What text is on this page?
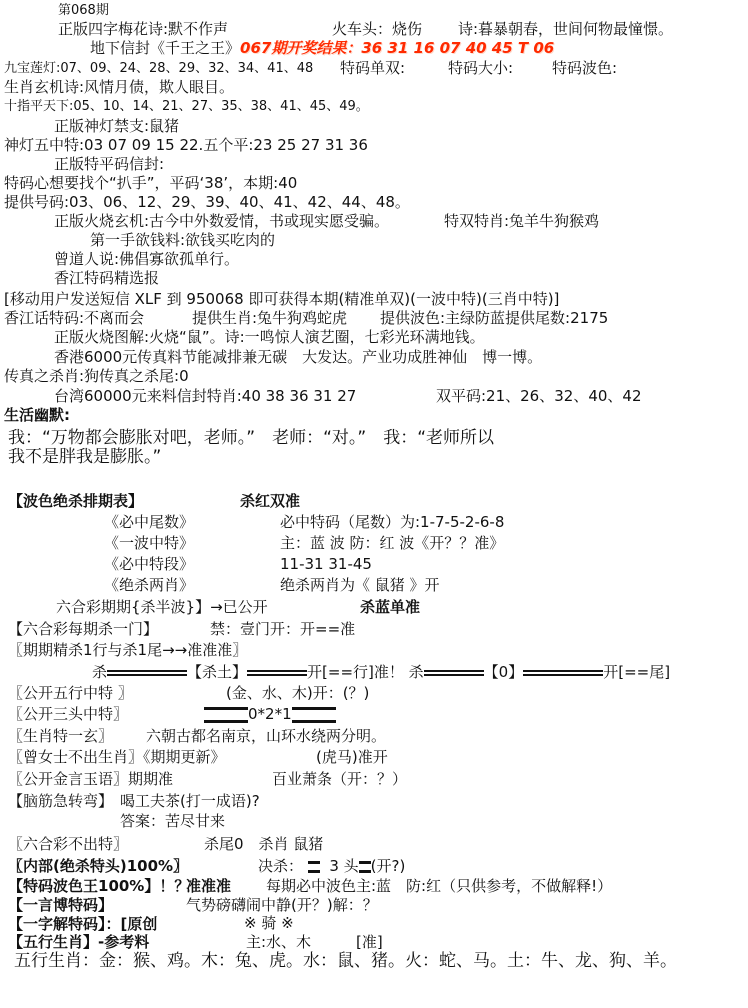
第068期
正版四字梅花诗:默不作声	火车头：烧伤 诗:暮暴朝春，世间何物最憧憬。
地下信封《千王之王》067期开奖结果：36 31 16 07 40 45 T 06
九宝莲灯:07、09、24、28、29、32、34、41、48 特码单双:	特码大小:	特码波色:
生肖玄机诗:风情月债，欺人眼目。
十指平天下:05、10、14、21、27、35、38、41、45、49。
正版神灯禁支:鼠猪
神灯五中特:03 07 09 15 22.五个平:23 25 27 31 36
正版特平码信封:
特码心想要找个“扒手”，平码‘38’，本期:40
提供号码:03、06、12、29、39、40、41、42、44、48。
正版火烧玄机:古今中外数爱情，书或现实愿受骗。	特双特肖:兔羊牛狗猴鸡
第一手欲钱料:欲钱买吃肉的
曾道人说:佛倡寡欲孤单行。
香江特码精选报
[移动用户发送短信 XLF 到 950068 即可获得本期(精准单双)(一波中特)(三肖中特)]
香江话特码:不离而会	提供生肖:兔牛狗鸡蛇虎 提供波色:主绿防蓝提供尾数:2175
正版火烧图解:火烧“鼠”。诗:一鸣惊人演艺圈，七彩光环满地钱。
香港6000元传真料节能减排兼无碳　大发达。产业功成胜神仙　博一博。
传真之杀肖:狗传真之杀尾:0
台湾60000元来料信封特肖:40 38 36 31 27	双平码:21、26、32、40、42
生活幽默:
我：“万物都会膨胀对吧，老师。”　老师：“对。”　我：“老师所以
我不是胖我是膨胀。”
【波色绝杀排期表】	杀红双准
《必中尾数》	必中特码（尾数）为:1-7-5-2-6-8
《一波中特》	主：蓝 波 防：红 波《开？？准》
《必中特段》	11-31 31-45
《绝杀两肖》	绝杀两肖为《 鼠猪 》开
六合彩期期{杀半波}】→已公开	杀蓝单准
【六合彩每期杀一门】	禁：壹门开：开==准
〖期期精杀1行与杀1尾→→准准准〗
杀	【杀土】	开[==行]准！ 杀	【0】	开[==尾]
〖公开五行中特 〗	(金、水、木)开：(？)
〖公开三头中特〗	0*2*1
〖生肖特一玄〗 六朝古都名南京，山环水绕两分明。
〖曾女士不出生肖〗《期期更新》	(虎马)准开
〖公开金言玉语〗期期准	百业萧条（开：？）
【脑筋急转弯】 喝工夫茶(打一成语)?
答案：苦尽甘来
〖六合彩不出特〗	杀尾0　杀肖 鼠猪
〖内部(绝杀特头)100%〗	决杀： 3 头 (开?)
【特码波色王100%】！？
准准准 每期必中波色主:蓝　防:红（只供参考，不做解释!）
【一言博特码】	气势磅礴闹中静(开？)解：？
【一字解特码】：[原创	※ 骑 ※
【五行生肖】-参考料	主:水、木	[准]
五行生肖：金：猴、鸡。木：兔、虎。水：鼠、猪。火：蛇、马。土：牛、龙、狗、羊。
